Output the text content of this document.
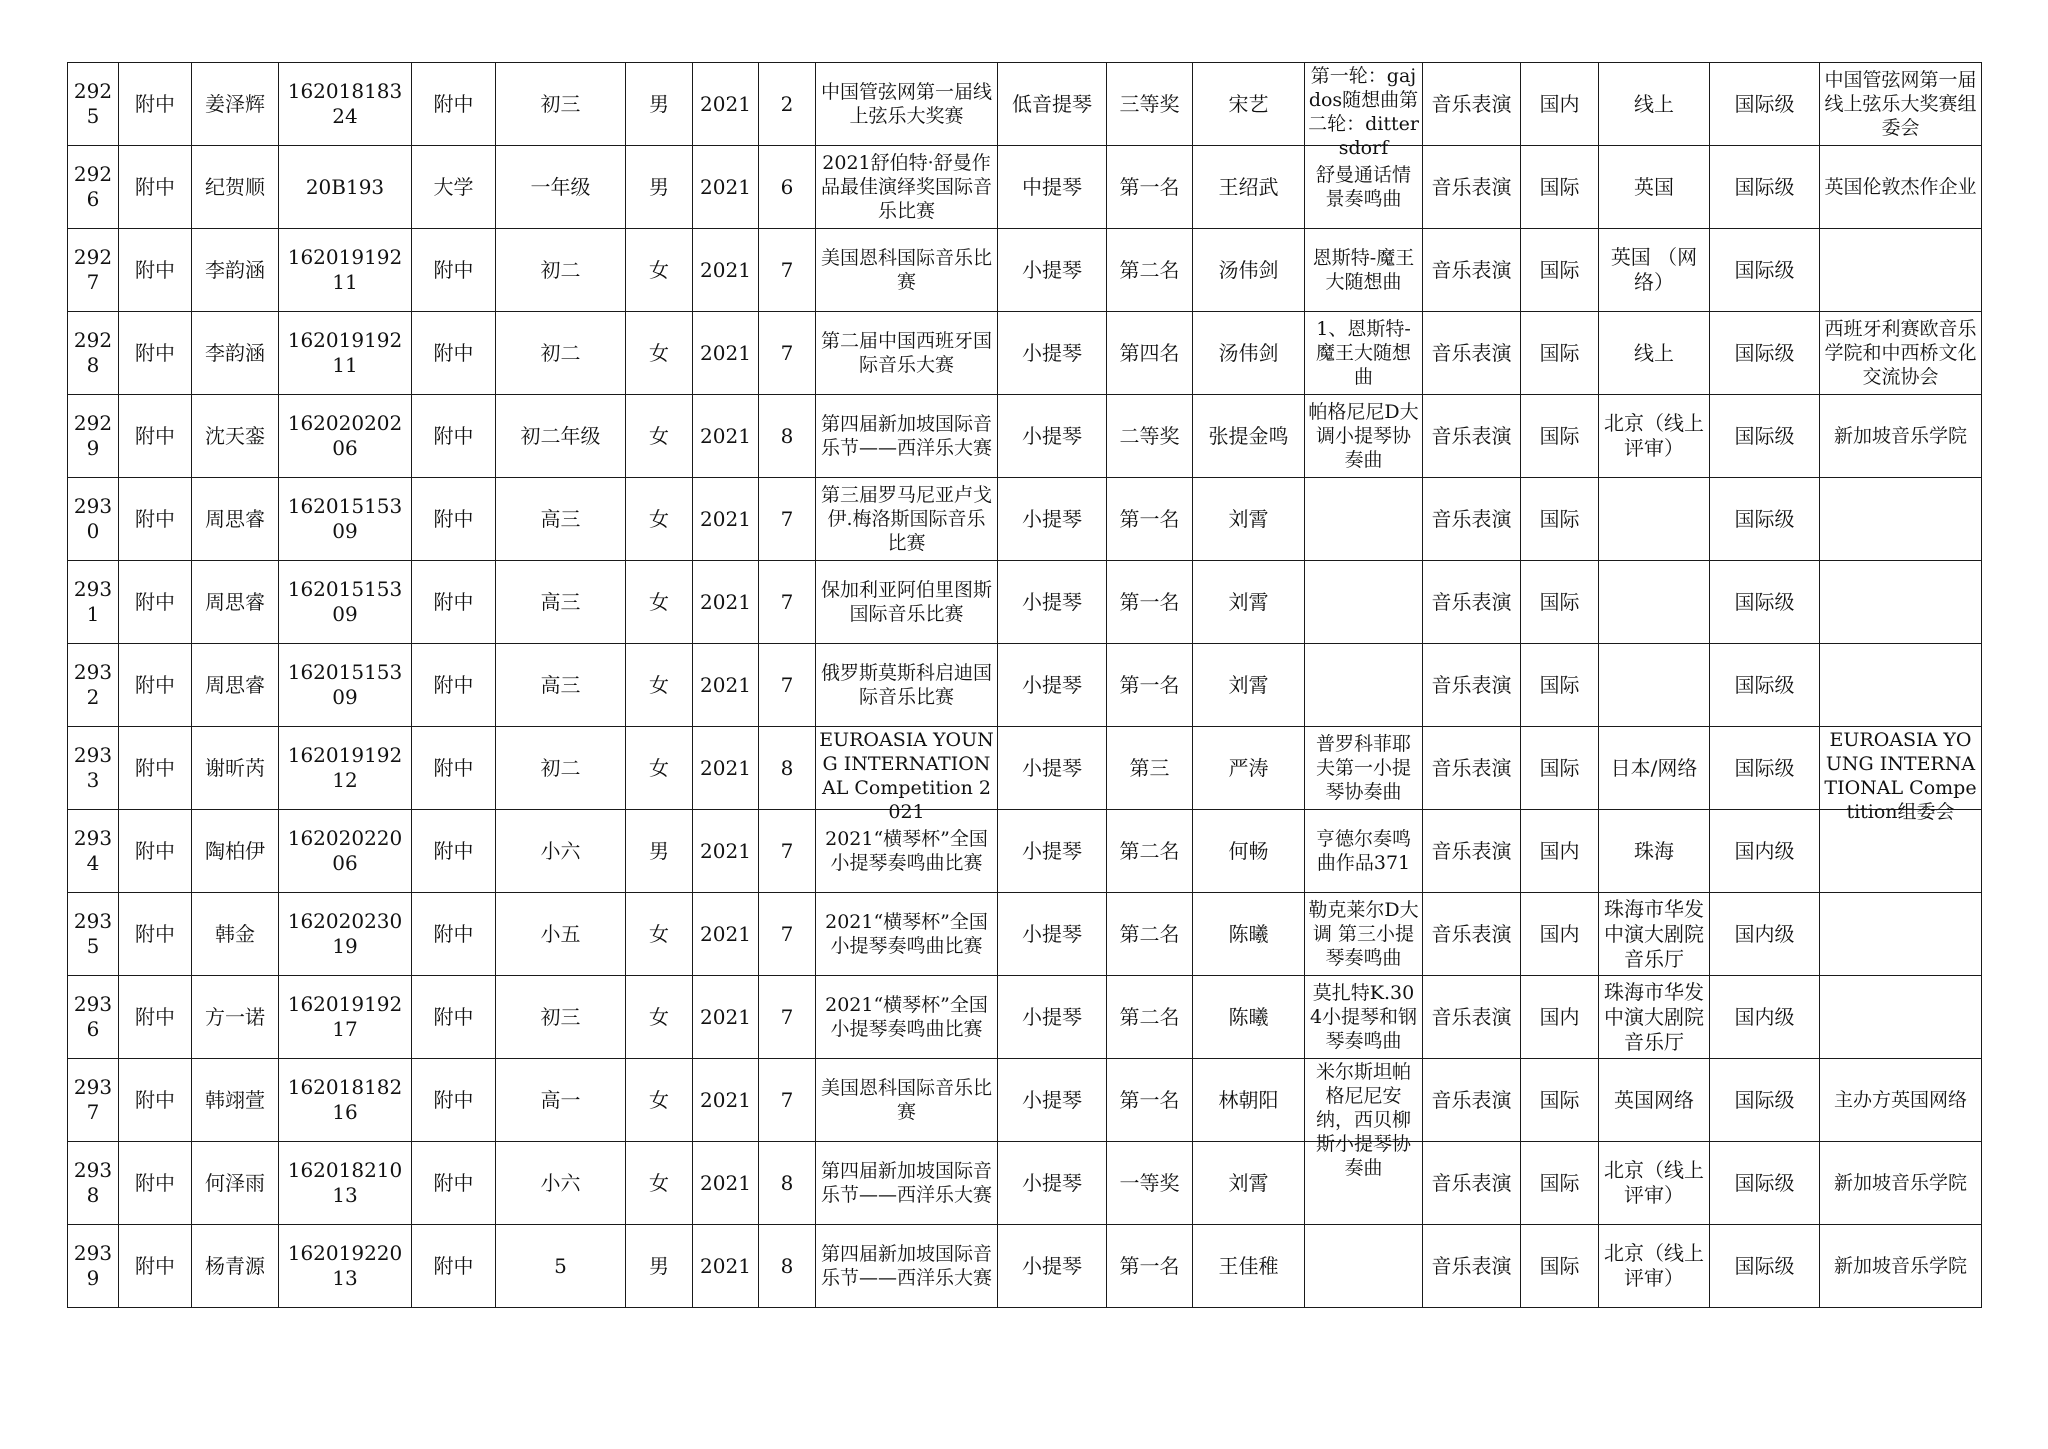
2925	附中	姜泽辉	16201818324	附中	初三	男	2021	2	中国管弦网第一届线上弦乐大奖赛	低音提琴	三等奖	宋艺	第一轮：gajdos随想曲第二轮：dittersdorf	音乐表演	国内	线上	国际级	中国管弦网第一届线上弦乐大奖赛组委会

2926	附中	纪贺顺	20B193	大学	一年级	男	2021	6	2021舒伯特·舒曼作品最佳演绎奖国际音乐比赛	中提琴	第一名	王绍武	舒曼通话情景奏鸣曲	音乐表演	国际	英国	国际级	英国伦敦杰作企业

2927	附中	李韵涵	16201919211	附中	初二	女	2021	7	美国恩科国际音乐比赛	小提琴	第二名	汤伟剑	恩斯特-魔王大随想曲	音乐表演	国际	英国 （网络）	国际级	

2928	附中	李韵涵	16201919211	附中	初二	女	2021	7	第二届中国西班牙国际音乐大赛	小提琴	第四名	汤伟剑	1、恩斯特-魔王大随想曲	音乐表演	国际	线上	国际级	西班牙利赛欧音乐学院和中西桥文化交流协会

2929	附中	沈天銮	16202020206	附中	初二年级	女	2021	8	第四届新加坡国际音乐节——西洋乐大赛	小提琴	二等奖	张提金鸣	帕格尼尼D大调小提琴协奏曲	音乐表演	国际	北京（线上评审）	国际级	新加坡音乐学院

2930	附中	周思睿	16201515309	附中	高三	女	2021	7	第三届罗马尼亚卢戈伊.梅洛斯国际音乐比赛	小提琴	第一名	刘霄		音乐表演	国际		国际级	

2931	附中	周思睿	16201515309	附中	高三	女	2021	7	保加利亚阿伯里图斯国际音乐比赛	小提琴	第一名	刘霄		音乐表演	国际		国际级	

2932	附中	周思睿	16201515309	附中	高三	女	2021	7	俄罗斯莫斯科启迪国际音乐比赛	小提琴	第一名	刘霄		音乐表演	国际		国际级	

2933	附中	谢昕芮	16201919212	附中	初二	女	2021	8	EUROASIA YOUNG INTERNATIONAL Competition 2021	小提琴	第三	严涛	普罗科菲耶夫第一小提琴协奏曲	音乐表演	国际	日本/网络	国际级	EUROASIA YOUNG INTERNATIONAL Competition组委会

2934	附中	陶柏伊	16202022006	附中	小六	男	2021	7	2021“横琴杯”全国小提琴奏鸣曲比赛	小提琴	第二名	何畅	亨德尔奏鸣曲作品371	音乐表演	国内	珠海	国内级	

2935	附中	韩金	16202023019	附中	小五	女	2021	7	2021“横琴杯”全国小提琴奏鸣曲比赛	小提琴	第二名	陈曦	勒克莱尔D大调 第三小提琴奏鸣曲	音乐表演	国内	珠海市华发中演大剧院音乐厅	国内级	

2936	附中	方一诺	16201919217	附中	初三	女	2021	7	2021“横琴杯”全国小提琴奏鸣曲比赛	小提琴	第二名	陈曦	莫扎特K.304小提琴和钢琴奏鸣曲	音乐表演	国内	珠海市华发中演大剧院音乐厅	国内级	

2937	附中	韩翊萱	16201818216	附中	高一	女	2021	7	美国恩科国际音乐比赛	小提琴	第一名	林朝阳	米尔斯坦帕格尼尼安纳，西贝柳斯小提琴协奏曲	音乐表演	国际	英国网络	国际级	主办方英国网络

2938	附中	何泽雨	16201821013	附中	小六	女	2021	8	第四届新加坡国际音乐节——西洋乐大赛	小提琴	一等奖	刘霄		音乐表演	国际	北京（线上评审）	国际级	新加坡音乐学院

2939	附中	杨青源	16201922013	附中	5	男	2021	8	第四届新加坡国际音乐节——西洋乐大赛	小提琴	第一名	王佳稚		音乐表演	国际	北京（线上评审）	国际级	新加坡音乐学院
